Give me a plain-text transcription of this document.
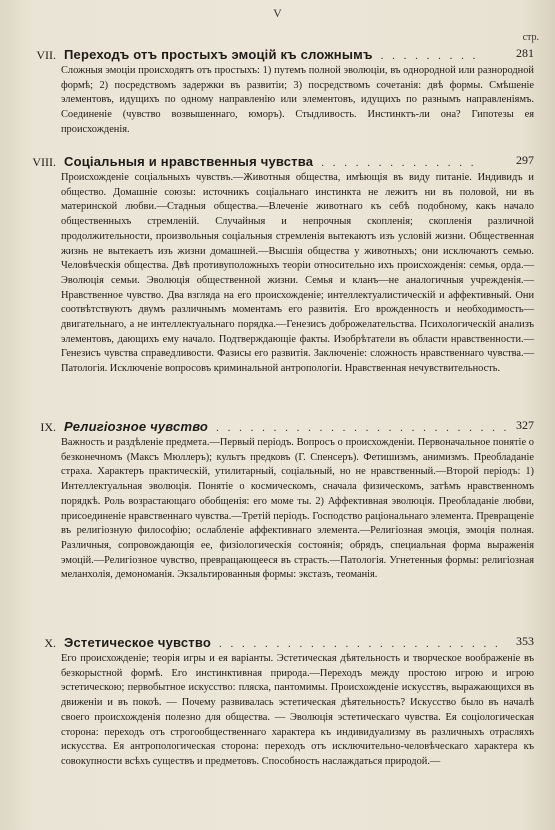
V
стр.
VII. Переходъ отъ простыхъ эмоцій къ сложнымъ . . . . . . . . .	281
Сложныя эмоціи происходятъ отъ простыхъ: 1) путемъ полной эволюціи, въ однородной или разнородной формѣ; 2) посредствомъ задержки въ развитіи; 3) посредствомъ сочетанія: двѣ формы. Смѣшеніе элементовъ, идущихъ по одному направленію или элементовъ, идущихъ по разнымъ направленіямъ. Соединеніе (чувство возвышеннаго, юморъ). Стыдливость. Инстинктъ-ли она? Гипотезы ея происхожденія.
VIII. Соціальныя и нравственныя чувства . . . . . . . . . . . . . .	297
Происхожденіе соціальныхъ чувствъ.—Животныя общества, имѣющія въ виду питаніе. Индивидъ и общество. Домашніе союзы: источникъ соціальнаго инстинкта не лежитъ ни въ половой, ни въ материнской любви.—Стадныя общества.—Влеченіе животнаго къ себѣ подобному, какъ начало общественныхъ стремленій. Случайныя и непрочныя скопленія; скопленія различной продолжительности, произвольныя соціальныя стремленія вытекаютъ изъ условій жизни. Общественная жизнь не вытекаетъ изъ жизни домашней.—Высшія общества у животныхъ; они исключаютъ семью. Человѣческія общества. Двѣ противуположныхъ теоріи относительно ихъ происхожденія: семья, орда.—Эволюція семьи. Эволюція общественной жизни. Семья и кланъ—не аналогичныя учрежденія.—Нравственное чувство. Два взгляда на его происхожденіе; интеллектуалистическій и аффективный. Они соотвѣтствуютъ двумъ различнымъ моментамъ его развитія. Его врожденность и необходимость—двигательнаго, а не интеллектуальнаго порядка.—Генезисъ доброжелательства. Психологическій анализъ элементовъ, дающихъ ему начало. Подтверждающіе факты. Изобрѣтатели въ области нравственности.—Генезисъ чувства справедливости. Фазисы его развитія. Заключеніе: сложность нравственнаго чувства.—Патологія. Исключеніе вопросовъ криминальной антропологіи. Нравственная нечувствительность.
IX. Религіозное чувство . . . . . . . . . . . . . . . . . . . . . . . . . . 327
Важность и раздѣленіе предмета.—Первый періодъ. Вопросъ о происхожденіи. Первоначальное понятіе о безконечномъ (Максъ Мюллеръ); культъ предковъ (Г. Спенсеръ). Фетишизмъ, анимизмъ. Преобладаніе страха. Характеръ практическій, утилитарный, соціальный, но не нравственный.—Второй періодъ: 1) Интеллектуальная эволюція. Понятіе о космическомъ, сначала физическомъ, затѣмъ нравственномъ порядкѣ. Роль возрастающаго обобщенія: его моме ты. 2) Аффективная эволюція. Преобладаніе любви, присоединеніе нравственнаго чувства.—Третій періодъ. Господство раціональнаго элемента. Превращеніе въ религіозную философію; ослабленіе аффективнаго элемента.—Религіозная эмоція, эмоція полная. Различныя, сопровождающія ее, физіологическія состоянія; обрядъ, специальная форма выраженія эмоцій.—Религіозное чувство, превращающееся въ страсть.—Патологія. Угнетенныя формы: религіозная меланхолія, демономанія. Экзальтированныя формы: экстазъ, теоманія.
X. Эстетическое чувство . . . . . . . . . . . . . . . . . . . . . . . . . 353
Его происхожденіе; теорія игры и ея варіанты. Эстетическая дѣятельность и творческое воображеніе въ безкорыстной формѣ. Его инстинктивная природа.—Переходъ между простою игрою и игрою эстетическою; первобытное искусство: пляска, пантомимы. Происхожденіе искусствъ, выражающихся въ движеніи и въ покоѣ. — Почему развивалась эстетическая дѣятельность? Искусство было въ началѣ своего происхожденія полезно для общества. — Эволюція эстетическаго чувства. Ея соціологическая сторона: переходъ отъ строгообщественнаго характера къ индивидуализму въ различныхъ отрасляхъ искусства. Ея антропологическая сторона: переходъ отъ исключительно-человѣческаго характера къ совокупности всѣхъ существъ и предметовъ. Способность наслаждаться природой.—
